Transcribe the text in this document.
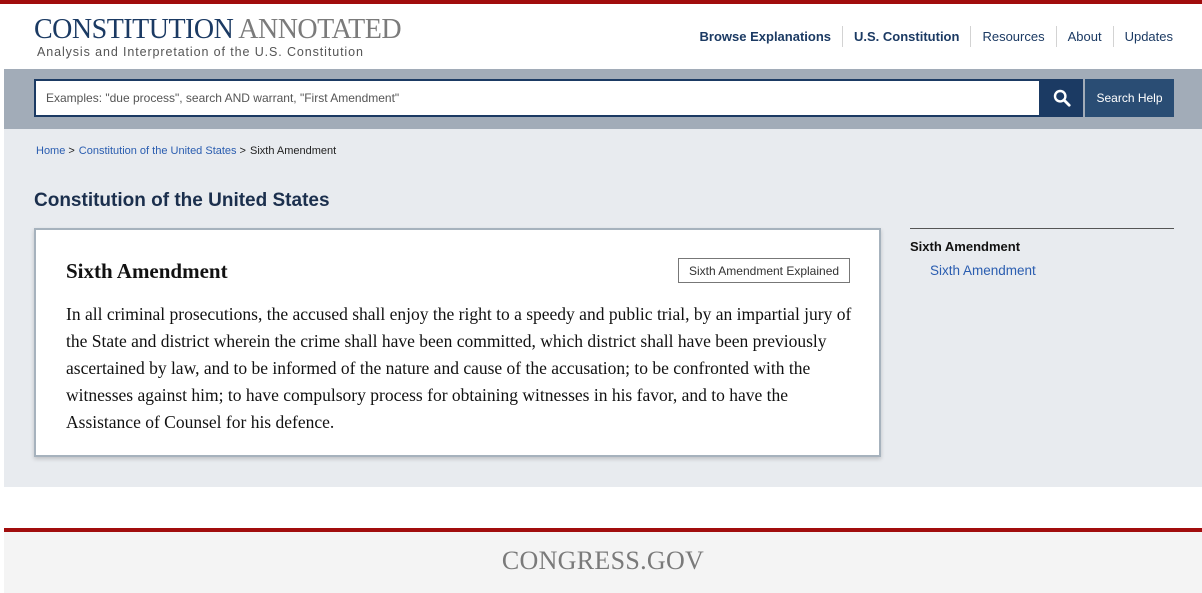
CONSTITUTION ANNOTATED
Analysis and Interpretation of the U.S. Constitution
Browse Explanations	U.S. Constitution	Resources	About	Updates
Examples: "due process", search AND warrant, "First Amendment"
Search Help
Home > Constitution of the United States > Sixth Amendment
Constitution of the United States
Sixth Amendment	Sixth Amendment Explained

In all criminal prosecutions, the accused shall enjoy the right to a speedy and public trial, by an impartial jury of the State and district wherein the crime shall have been committed, which district shall have been previously ascertained by law, and to be informed of the nature and cause of the accusation; to be confronted with the witnesses against him; to have compulsory process for obtaining witnesses in his favor, and to have the Assistance of Counsel for his defence.

Sixth Amendment
Sixth Amendment
CONGRESS.GOV
